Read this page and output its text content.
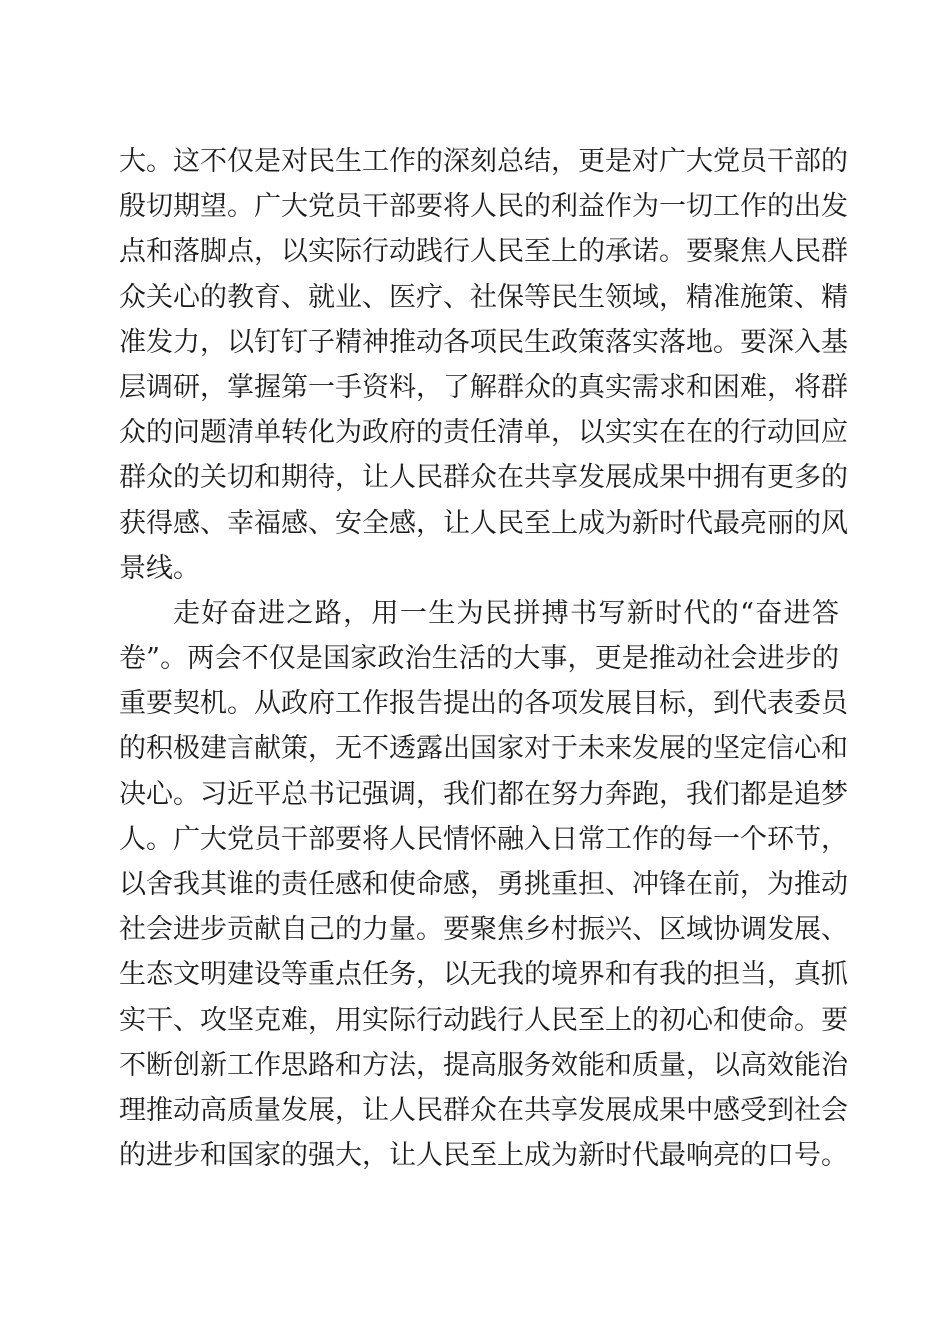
大。这不仅是对民生工作的深刻总结，更是对广大党员干部的
殷切期望。广大党员干部要将人民的利益作为一切工作的出发
点和落脚点，以实际行动践行人民至上的承诺。要聚焦人民群
众关心的教育、就业、医疗、社保等民生领域，精准施策、精
准发力，以钉钉子精神推动各项民生政策落实落地。要深入基
层调研，掌握第一手资料，了解群众的真实需求和困难，将群
众的问题清单转化为政府的责任清单，以实实在在的行动回应
群众的关切和期待，让人民群众在共享发展成果中拥有更多的
获得感、幸福感、安全感，让人民至上成为新时代最亮丽的风
景线。
走好奋进之路，用一生为民拼搏书写新时代的“奋进答
卷”。两会不仅是国家政治生活的大事，更是推动社会进步的
重要契机。从政府工作报告提出的各项发展目标，到代表委员
的积极建言献策，无不透露出国家对于未来发展的坚定信心和
决心。习近平总书记强调，我们都在努力奔跑，我们都是追梦
人。广大党员干部要将人民情怀融入日常工作的每一个环节，
以舍我其谁的责任感和使命感，勇挑重担、冲锋在前，为推动
社会进步贡献自己的力量。要聚焦乡村振兴、区域协调发展、
生态文明建设等重点任务，以无我的境界和有我的担当，真抓
实干、攻坚克难，用实际行动践行人民至上的初心和使命。要
不断创新工作思路和方法，提高服务效能和质量，以高效能治
理推动高质量发展，让人民群众在共享发展成果中感受到社会
的进步和国家的强大，让人民至上成为新时代最响亮的口号。
